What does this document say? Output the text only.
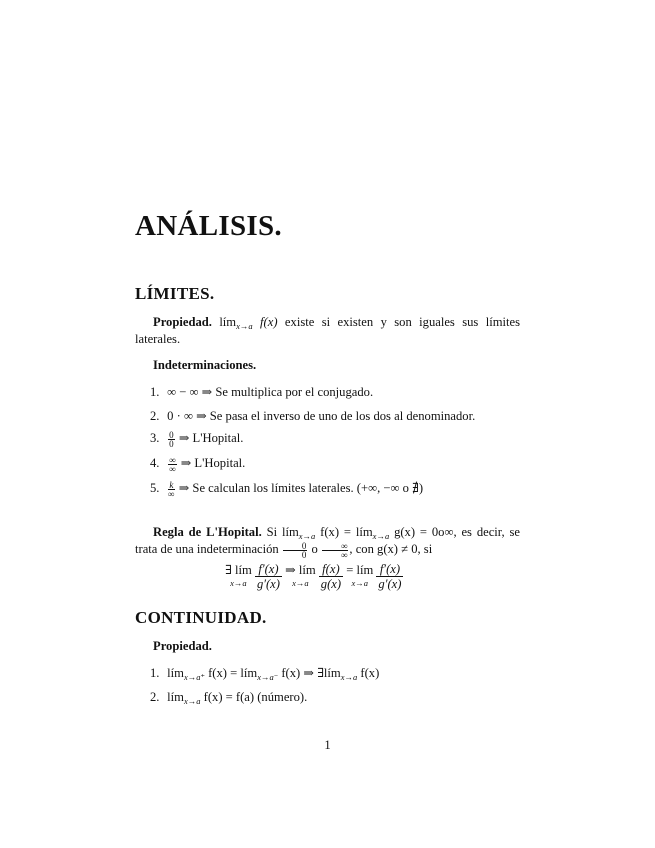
ANÁLISIS.
LÍMITES.
Propiedad. lím$_{x\to a}$ f(x) existe si existen y son iguales sus límites laterales.
Indeterminaciones.
1. ∞ − ∞ ⇒ Se multiplica por el conjugado.
2. 0 · ∞ ⇒ Se pasa el inverso de uno de los dos al denominador.
3. $\frac{0}{0}$ ⇒ L'Hopital.
4. $\frac{\infty}{\infty}$ ⇒ L'Hopital.
5. $\frac{k}{\infty}$ ⇒ Se calculan los límites laterales. (+∞, −∞ o ∄)
Regla de L'Hopital. Si lím$_{x\to a}$ f(x) = lím$_{x\to a}$ g(x) = 0o∞, es decir, se trata de una indeterminación $\frac{0}{0}$ o $\frac{\infty}{\infty}$ , con g(x) ≠ 0, si
∃ lím
x→a
$\frac{f'(x)}{g'(x)}$ ⇒ lím
x→a
$\frac{f(x)}{g(x)}$ = lím
x→a
$\frac{f'(x)}{g'(x)}$
CONTINUIDAD.
Propiedad.
1. lím$_{x\to a^+}$ f(x) = lím$_{x\to a^-}$ f(x) ⇒ ∃lím$_{x\to a}$ f(x)
2. lím$_{x\to a}$ f(x) = f(a) (número).
1
